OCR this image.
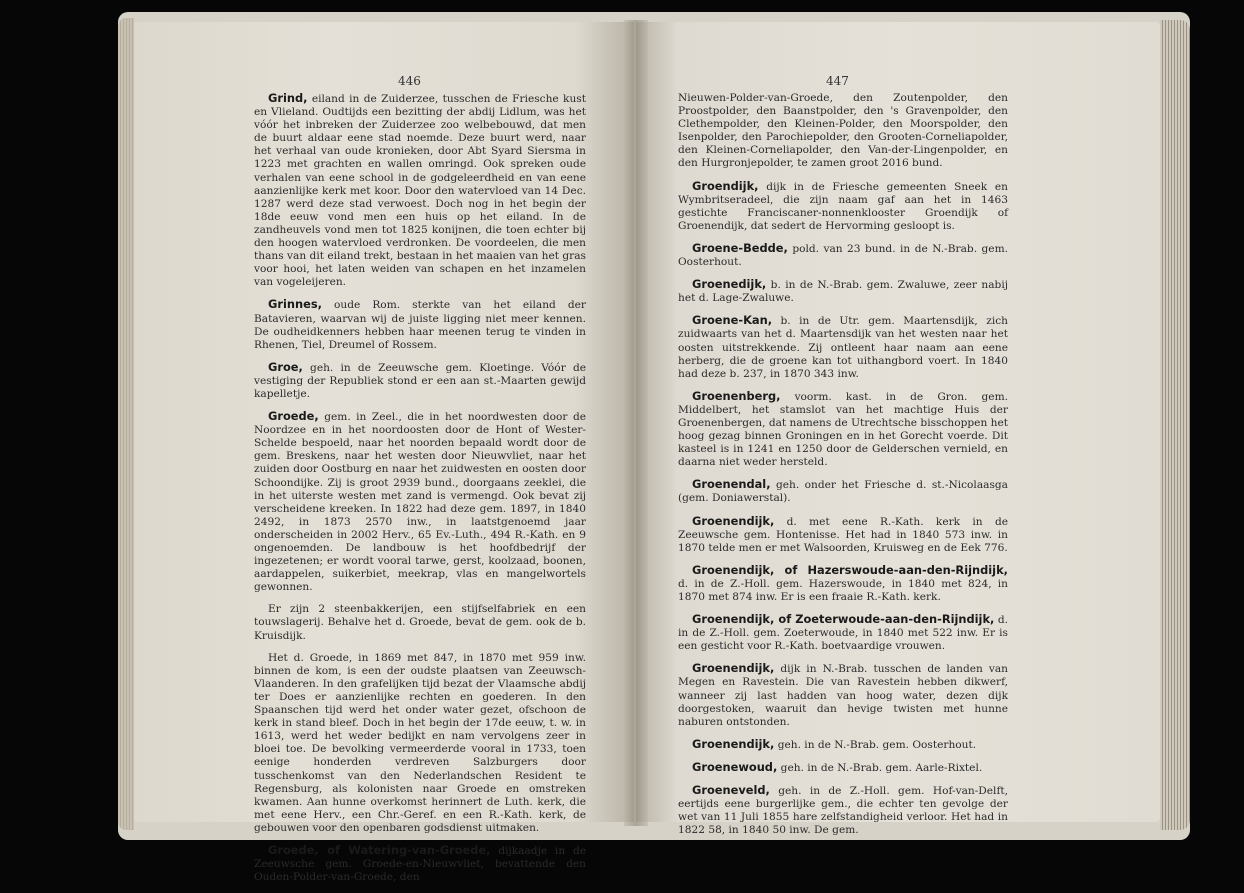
446	447

Grind, eiland in de Zuiderzee, tusschen de Friesche kust en Vlieland. Oudtijds een bezitting der abdij Lidlum, was het vóór het inbreken der Zuiderzee zoo welbebouwd, dat men de buurt aldaar eene stad noemde. Deze buurt werd, naar het verhaal van oude kronieken, door Abt Syard Siersma in 1223 met grachten en wallen omringd. Ook spreken oude verhalen van eene school in de godgeleerdheid en van eene aanzienlijke kerk met koor. Door den watervloed van 14 Dec. 1287 werd deze stad verwoest. Doch nog in het begin der 18de eeuw vond men een huis op het eiland. In de zandheuvels vond men tot 1825 konijnen, die toen echter bij den hoogen watervloed verdronken. De voordeelen, die men thans van dit eiland trekt, bestaan in het maaien van het gras voor hooi, het laten weiden van schapen en het inzamelen van vogeleijeren.

Grinnes, oude Rom. sterkte van het eiland der Batavieren, waarvan wij de juiste ligging niet meer kennen. De oudheidkenners hebben haar meenen terug te vinden in Rhenen, Tiel, Dreumel of Rossem.

Groe, geh. in de Zeeuwsche gem. Kloetinge. Vóór de vestiging der Republiek stond er een aan st.-Maarten gewijd kapelletje.

Groede, gem. in Zeel., die in het noordwesten door de Noordzee en in het noordoosten door de Hont of Wester-Schelde bespoeld, naar het noorden bepaald wordt door de gem. Breskens, naar het westen door Nieuwvliet, naar het zuiden door Oostburg en naar het zuidwesten en oosten door Schoondijke. Zij is groot 2939 bund., doorgaans zeeklei, die in het uiterste westen met zand is vermengd. Ook bevat zij verscheidene kreeken. In 1822 had deze gem. 1897, in 1840 2492, in 1873 2570 inw., in laatstgenoemd jaar onderscheiden in 2002 Herv., 65 Ev.-Luth., 494 R.-Kath. en 9 ongenoemden. De landbouw is het hoofdbedrijf der ingezetenen; er wordt vooral tarwe, gerst, koolzaad, boonen, aardappelen, suikerbiet, meekrap, vlas en mangelwortels gewonnen.

Er zijn 2 steenbakkerijen, een stijfselfabriek en een touwslagerij. Behalve het d. Groede, bevat de gem. ook de b. Kruisdijk.

Het d. Groede, in 1869 met 847, in 1870 met 959 inw. binnen de kom, is een der oudste plaatsen van Zeeuwsch-Vlaanderen. In den grafelijken tijd bezat der Vlaamsche abdij ter Does er aanzienlijke rechten en goederen. In den Spaanschen tijd werd het onder water gezet, ofschoon de kerk in stand bleef. Doch in het begin der 17de eeuw, t. w. in 1613, werd het weder bedijkt en nam vervolgens zeer in bloei toe. De bevolking vermeerderde vooral in 1733, toen eenige honderden verdreven Salzburgers door tusschenkomst van den Nederlandschen Resident te Regensburg, als kolonisten naar Groede en omstreken kwamen. Aan hunne overkomst herinnert de Luth. kerk, die met eene Herv., een Chr.-Geref. en een R.-Kath. kerk, de gebouwen voor den openbaren godsdienst uitmaken.

Groede, of Watering-van-Groede, dijkaadje in de Zeeuwsche gem. Groede-en-Nieuwvliet, bevattende den Ouden-Polder-van-Groede, den

Nieuwen-Polder-van-Groede, den Zoutenpolder, den Proostpolder, den Baanstpolder, den 's Gravenpolder, den Clethempolder, den Kleinen-Polder, den Moorspolder, den Isenpolder, den Parochiepolder, den Grooten-Corneliapolder, den Kleinen-Corneliapolder, den Van-der-Lingenpolder, en den Hurgronjepolder, te zamen groot 2016 bund.

Groendijk, dijk in de Friesche gemeenten Sneek en Wymbritseradeel, die zijn naam gaf aan het in 1463 gestichte Franciscaner-nonnenklooster Groendijk of Groenendijk, dat sedert de Hervorming gesloopt is.

Groene-Bedde, pold. van 23 bund. in de N.-Brab. gem. Oosterhout.

Groenedijk, b. in de N.-Brab. gem. Zwaluwe, zeer nabij het d. Lage-Zwaluwe.

Groene-Kan, b. in de Utr. gem. Maartensdijk, zich zuidwaarts van het d. Maartensdijk van het westen naar het oosten uitstrekkende. Zij ontleent haar naam aan eene herberg, die de groene kan tot uithangbord voert. In 1840 had deze b. 237, in 1870 343 inw.

Groenenberg, voorm. kast. in de Gron. gem. Middelbert, het stamslot van het machtige Huis der Groenenbergen, dat namens de Utrechtsche bisschoppen het hoog gezag binnen Groningen en in het Gorecht voerde. Dit kasteel is in 1241 en 1250 door de Gelderschen vernield, en daarna niet weder hersteld.

Groenendal, geh. onder het Friesche d. st.-Nicolaasga (gem. Doniawerstal).

Groenendijk, d. met eene R.-Kath. kerk in de Zeeuwsche gem. Hontenisse. Het had in 1840 573 inw. in 1870 telde men er met Walsoorden, Kruisweg en de Eek 776.

Groenendijk, of Hazerswoude-aan-den-Rijndijk, d. in de Z.-Holl. gem. Hazerswoude, in 1840 met 824, in 1870 met 874 inw. Er is een fraaie R.-Kath. kerk.

Groenendijk, of Zoeterwoude-aan-den-Rijndijk, d. in de Z.-Holl. gem. Zoeterwoude, in 1840 met 522 inw. Er is een gesticht voor R.-Kath. boetvaardige vrouwen.

Groenendijk, dijk in N.-Brab. tusschen de landen van Megen en Ravestein. Die van Ravestein hebben dikwerf, wanneer zij last hadden van hoog water, dezen dijk doorgestoken, waaruit dan hevige twisten met hunne naburen ontstonden.

Groenendijk, geh. in de N.-Brab. gem. Oosterhout.

Groenewoud, geh. in de N.-Brab. gem. Aarle-Rixtel.

Groeneveld, geh. in de Z.-Holl. gem. Hof-van-Delft, eertijds eene burgerlijke gem., die echter ten gevolge der wet van 11 Juli 1855 hare zelfstandigheid verloor. Het had in 1822 58, in 1840 50 inw. De gem.
